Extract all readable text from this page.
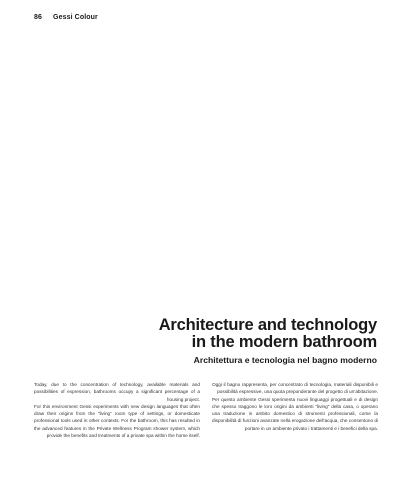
86 Gessi Colour
Architecture and technology
in the modern bathroom
Architettura e tecnologia nel bagno moderno

Today, due to the concentration of technology, available materials and possibilities of expression, bathrooms occupy a significant percentage of a housing project.

For this environment Gessi experiments with new design languages that often draw their origins from the “living” room type of settings, or domesticate professional tools used in other contexts. For the bathroom, this has resulted in the advanced features in the Private Wellness Program shower system, which provide the benefits and treatments of a private spa within the home itself.

Oggi il bagno rappresenta, per concentrato di tecnologia, materiali disponibili e possibilità espressive, una quota preponderante del progetto di un’abitazione.

Per questo ambiente Gessi sperimenta nuovi linguaggi progettuali e di design che spesso traggono le loro origini da ambienti “living” della casa, o operano una traduzione in ambito domestico di strumenti professionali, come la disponibilità di funzioni avanzate nella erogazione dell’acqua, che consentono di portare in un ambiente privato i trattamenti e i benefici della spa.
